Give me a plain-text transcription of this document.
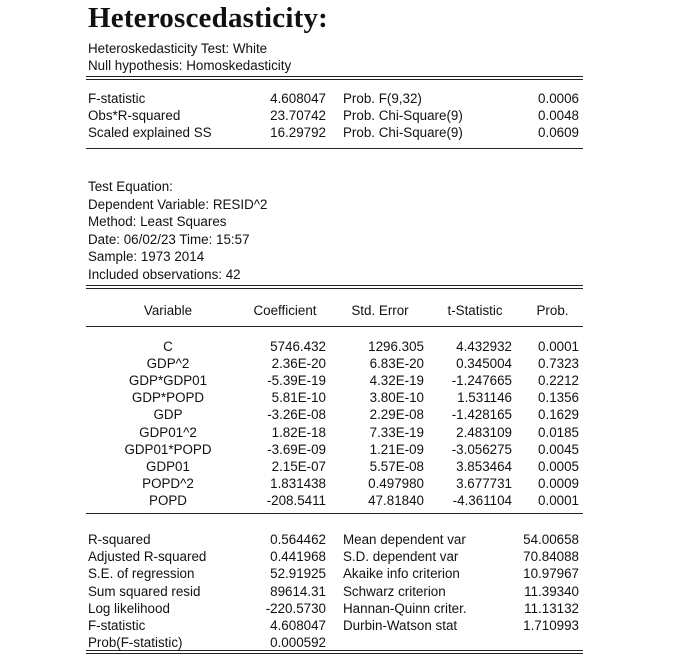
Heteroscedasticity:
Heteroskedasticity Test: White
Null hypothesis: Homoskedasticity
F-statistic	4.608047 Prob. F(9,32)	0.0006
Obs*R-squared	23.70742 Prob. Chi-Square(9)	0.0048
Scaled explained SS	16.29792 Prob. Chi-Square(9)	0.0609
Test Equation:
Dependent Variable: RESID^2
Method: Least Squares
Date: 06/02/23 Time: 15:57
Sample: 1973 2014
Included observations: 42
Variable	Coefficient	Std. Error	t-Statistic	Prob.
C	5746.432	1296.305	4.432932	0.0001
GDP^2	2.36E-20	6.83E-20	0.345004	0.7323
GDP*GDP01	-5.39E-19	4.32E-19	-1.247665	0.2212
GDP*POPD	5.81E-10	3.80E-10	1.531146	0.1356
GDP	-3.26E-08	2.29E-08	-1.428165	0.1629
GDP01^2	1.82E-18	7.33E-19	2.483109	0.0185
GDP01*POPD	-3.69E-09	1.21E-09	-3.056275	0.0045
GDP01	2.15E-07	5.57E-08	3.853464	0.0005
POPD^2	1.831438	0.497980	3.677731	0.0009
POPD	-208.5411	47.81840	-4.361104	0.0001
R-squared	0.564462 Mean dependent var	54.00658
Adjusted R-squared	0.441968 S.D. dependent var	70.84088
S.E. of regression	52.91925 Akaike info criterion	10.97967
Sum squared resid	89614.31 Schwarz criterion	11.39340
Log likelihood	-220.5730 Hannan-Quinn criter.	11.13132
F-statistic	4.608047 Durbin-Watson stat	1.710993
Prob(F-statistic)	0.000592
